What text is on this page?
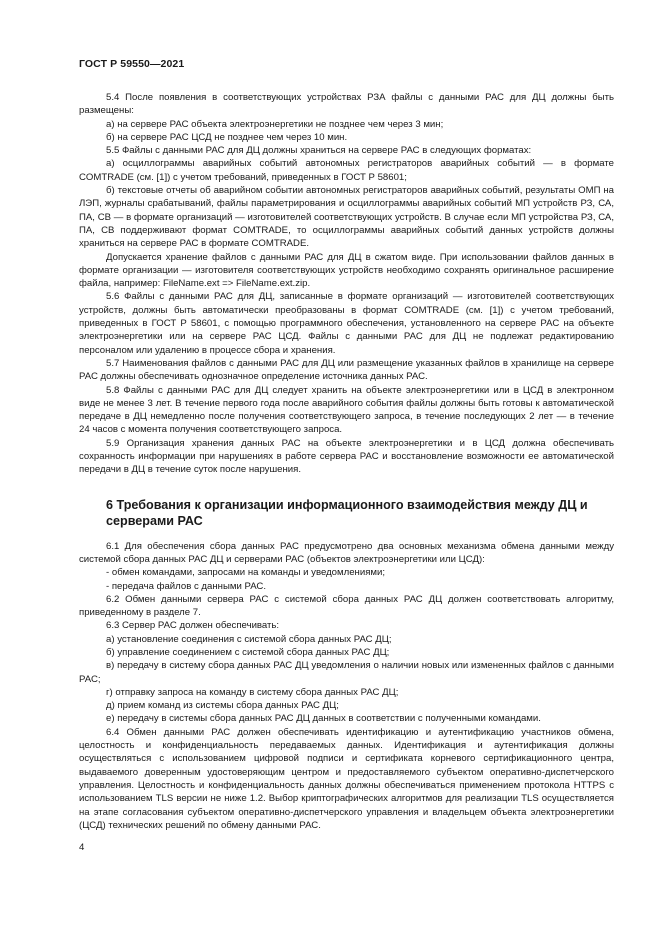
ГОСТ Р 59550—2021

5.4 После появления в соответствующих устройствах РЗА файлы с данными РАС для ДЦ должны быть размещены:

а) на сервере РАС объекта электроэнергетики не позднее чем через 3 мин;

б) на сервере РАС ЦСД не позднее чем через 10 мин.

5.5 Файлы с данными РАС для ДЦ должны храниться на сервере РАС в следующих форматах:

а) осциллограммы аварийных событий автономных регистраторов аварийных событий — в формате COMTRADE (см. [1]) с учетом требований, приведенных в ГОСТ Р 58601;

б) текстовые отчеты об аварийном событии автономных регистраторов аварийных событий, результаты ОМП на ЛЭП, журналы срабатываний, файлы параметрирования и осциллограммы аварийных событий МП устройств РЗ, СА, ПА, СВ — в формате организаций — изготовителей соответствующих устройств. В случае если МП устройства РЗ, СА, ПА, СВ поддерживают формат COMTRADE, то осциллограммы аварийных событий данных устройств должны храниться на сервере РАС в формате COMTRADE.

Допускается хранение файлов с данными РАС для ДЦ в сжатом виде. При использовании файлов данных в формате организации — изготовителя соответствующих устройств необходимо сохранять оригинальное расширение файла, например: FileName.ext => FileName.ext.zip.

5.6 Файлы с данными РАС для ДЦ, записанные в формате организаций — изготовителей соответствующих устройств, должны быть автоматически преобразованы в формат COMTRADE (см. [1]) с учетом требований, приведенных в ГОСТ Р 58601, с помощью программного обеспечения, установленного на сервере РАС на объекте электроэнергетики или на сервере РАС ЦСД. Файлы с данными РАС для ДЦ не подлежат редактированию персоналом или удалению в процессе сбора и хранения.

5.7 Наименования файлов с данными РАС для ДЦ или размещение указанных файлов в хранилище на сервере РАС должны обеспечивать однозначное определение источника данных РАС.

5.8 Файлы с данными РАС для ДЦ следует хранить на объекте электроэнергетики или в ЦСД в электронном виде не менее 3 лет. В течение первого года после аварийного события файлы должны быть готовы к автоматической передаче в ДЦ немедленно после получения соответствующего запроса, в течение последующих 2 лет — в течение 24 часов с момента получения соответствующего запроса.

5.9 Организация хранения данных РАС на объекте электроэнергетики и в ЦСД должна обеспечивать сохранность информации при нарушениях в работе сервера РАС и восстановление возможности ее автоматической передачи в ДЦ в течение суток после нарушения.

6 Требования к организации информационного взаимодействия между ДЦ и серверами РАС

6.1 Для обеспечения сбора данных РАС предусмотрено два основных механизма обмена данными между системой сбора данных РАС ДЦ и серверами РАС (объектов электроэнергетики или ЦСД):

- обмен командами, запросами на команды и уведомлениями;

- передача файлов с данными РАС.

6.2 Обмен данными сервера РАС с системой сбора данных РАС ДЦ должен соответствовать алгоритму, приведенному в разделе 7.

6.3 Сервер РАС должен обеспечивать:

а) установление соединения с системой сбора данных РАС ДЦ;

б) управление соединением с системой сбора данных РАС ДЦ;

в) передачу в систему сбора данных РАС ДЦ уведомления о наличии новых или измененных файлов с данными РАС;

г) отправку запроса на команду в систему сбора данных РАС ДЦ;

д) прием команд из системы сбора данных РАС ДЦ;

е) передачу в системы сбора данных РАС ДЦ данных в соответствии с полученными командами.

6.4 Обмен данными РАС должен обеспечивать идентификацию и аутентификацию участников обмена, целостность и конфиденциальность передаваемых данных. Идентификация и аутентификация должны осуществляться с использованием цифровой подписи и сертификата корневого сертификационного центра, выдаваемого доверенным удостоверяющим центром и предоставляемого субъектом оперативно-диспетчерского управления. Целостность и конфиденциальность данных должны обеспечиваться применением протокола HTTPS с использованием TLS версии не ниже 1.2. Выбор криптографических алгоритмов для реализации TLS осуществляется на этапе согласования субъектом оперативно-диспетчерского управления и владельцем объекта электроэнергетики (ЦСД) технических решений по обмену данными РАС.

4
